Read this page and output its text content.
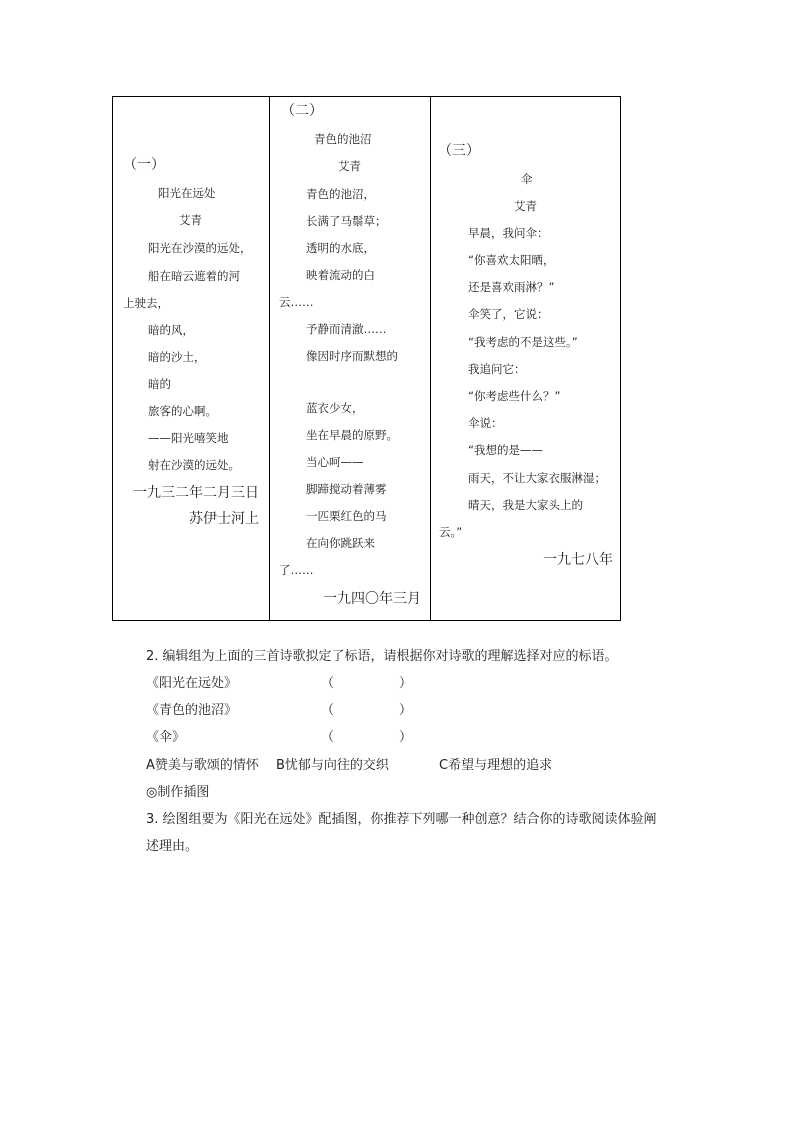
（一）
阳光在远处
艾青
阳光在沙漠的远处，
船在暗云遮着的河
上驶去，
暗的风，
暗的沙土，
暗的
旅客的心啊。
——阳光嘻笑地
射在沙漠的远处。
一九三二年二月三日
苏伊士河上
（二）
青色的池沼
艾青
青色的池沼，
长满了马鬃草；
透明的水底，
映着流动的白
云……
予静而清澈……
像因时序而默想的
蓝衣少女，
坐在早晨的原野。
当心呵——
脚蹄搅动着薄雾
一匹栗红色的马
在向你跳跃来
了……
一九四〇年三月
（三）
伞
艾青
早晨，我问伞：
“你喜欢太阳晒，
还是喜欢雨淋？”
伞笑了，它说：
“我考虑的不是这些。”
我追问它：
“你考虑些什么？”
伞说：
“我想的是——
雨天，不让大家衣服淋湿；
晴天，我是大家头上的
云。”
一九七八年
2. 编辑组为上面的三首诗歌拟定了标语，请根据你对诗歌的理解选择对应的标语。
《阳光在远处》	（　　　　　）
《青色的池沼》	（　　　　　）
《伞》	（　　　　　）
A赞美与歌颂的情怀 B忧郁与向往的交织	C希望与理想的追求
◎制作插图
3. 绘图组要为《阳光在远处》配插图，你推荐下列哪一种创意？结合你的诗歌阅读体验阐
述理由。
